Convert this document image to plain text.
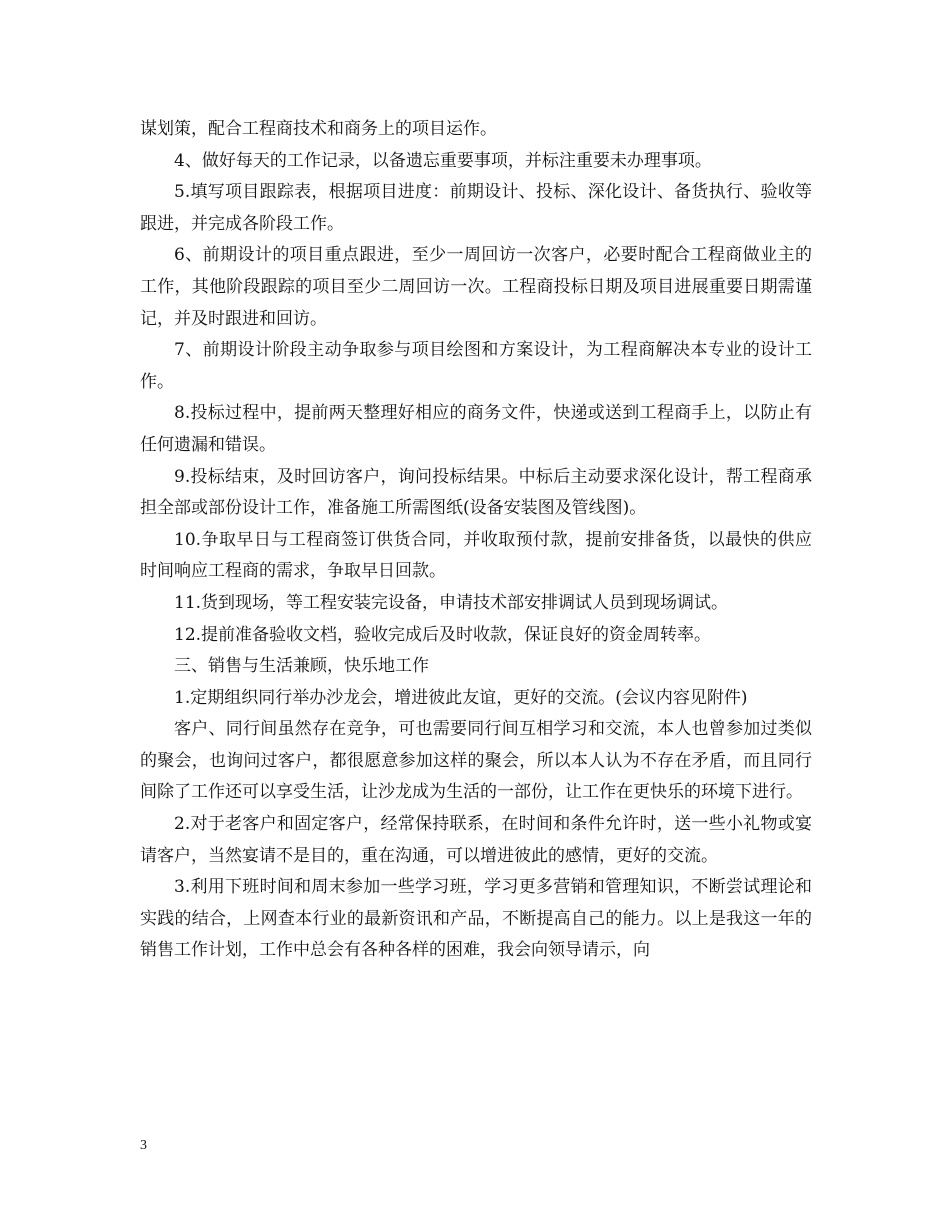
谋划策，配合工程商技术和商务上的项目运作。

4、做好每天的工作记录，以备遗忘重要事项，并标注重要未办理事项。

5.填写项目跟踪表，根据项目进度：前期设计、投标、深化设计、备货执行、验收等跟进，并完成各阶段工作。

6、前期设计的项目重点跟进，至少一周回访一次客户，必要时配合工程商做业主的工作，其他阶段跟踪的项目至少二周回访一次。工程商投标日期及项目进展重要日期需谨记，并及时跟进和回访。

7、前期设计阶段主动争取参与项目绘图和方案设计，为工程商解决本专业的设计工作。

8.投标过程中，提前两天整理好相应的商务文件，快递或送到工程商手上，以防止有任何遗漏和错误。

9.投标结束，及时回访客户，询问投标结果。中标后主动要求深化设计，帮工程商承担全部或部份设计工作，准备施工所需图纸(设备安装图及管线图)。

10.争取早日与工程商签订供货合同，并收取预付款，提前安排备货，以最快的供应时间响应工程商的需求，争取早日回款。

11.货到现场，等工程安装完设备，申请技术部安排调试人员到现场调试。

12.提前准备验收文档，验收完成后及时收款，保证良好的资金周转率。

三、销售与生活兼顾，快乐地工作

1.定期组织同行举办沙龙会，增进彼此友谊，更好的交流。(会议内容见附件)

客户、同行间虽然存在竞争，可也需要同行间互相学习和交流，本人也曾参加过类似的聚会，也询问过客户，都很愿意参加这样的聚会，所以本人认为不存在矛盾，而且同行间除了工作还可以享受生活，让沙龙成为生活的一部份，让工作在更快乐的环境下进行。

2.对于老客户和固定客户，经常保持联系，在时间和条件允许时，送一些小礼物或宴请客户，当然宴请不是目的，重在沟通，可以增进彼此的感情，更好的交流。

3.利用下班时间和周末参加一些学习班，学习更多营销和管理知识，不断尝试理论和实践的结合，上网查本行业的最新资讯和产品，不断提高自己的能力。以上是我这一年的销售工作计划，工作中总会有各种各样的困难，我会向领导请示，向

3
